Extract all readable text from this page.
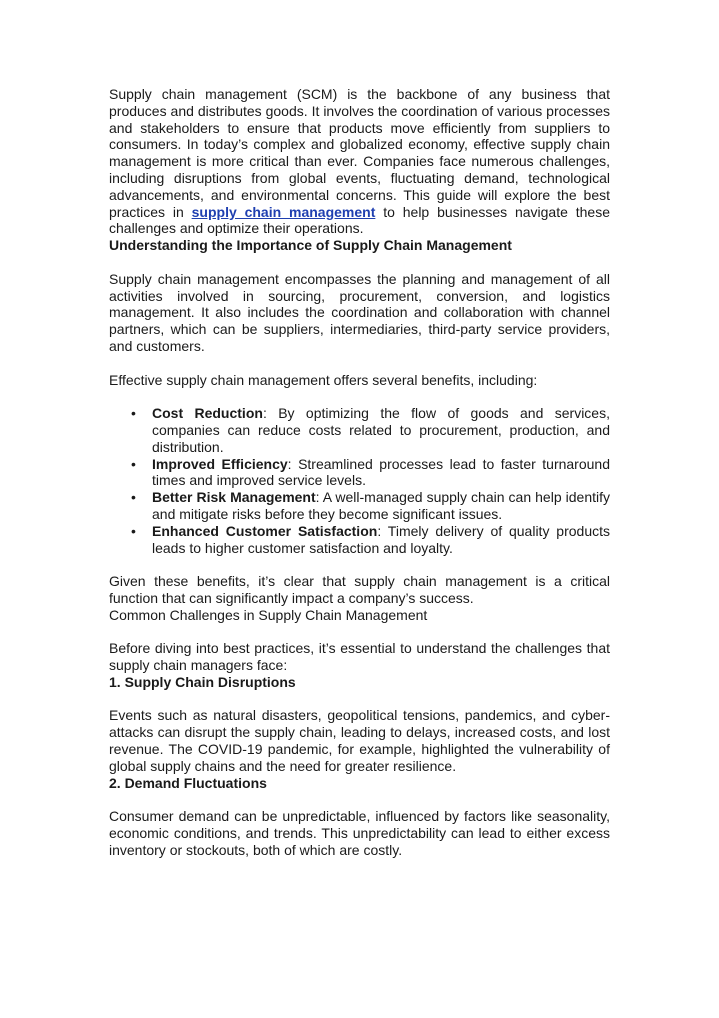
Supply chain management (SCM) is the backbone of any business that produces and distributes goods. It involves the coordination of various processes and stakeholders to ensure that products move efficiently from suppliers to consumers. In today’s complex and globalized economy, effective supply chain management is more critical than ever. Companies face numerous challenges, including disruptions from global events, fluctuating demand, technological advancements, and environmental concerns. This guide will explore the best practices in supply chain management to help businesses navigate these challenges and optimize their operations.

Understanding the Importance of Supply Chain Management

Supply chain management encompasses the planning and management of all activities involved in sourcing, procurement, conversion, and logistics management. It also includes the coordination and collaboration with channel partners, which can be suppliers, intermediaries, third-party service providers, and customers.

Effective supply chain management offers several benefits, including:

• Cost Reduction: By optimizing the flow of goods and services, companies can reduce costs related to procurement, production, and distribution.
• Improved Efficiency: Streamlined processes lead to faster turnaround times and improved service levels.
• Better Risk Management: A well-managed supply chain can help identify and mitigate risks before they become significant issues.
• Enhanced Customer Satisfaction: Timely delivery of quality products leads to higher customer satisfaction and loyalty.

Given these benefits, it’s clear that supply chain management is a critical function that can significantly impact a company’s success.

Common Challenges in Supply Chain Management

Before diving into best practices, it’s essential to understand the challenges that supply chain managers face:

1. Supply Chain Disruptions

Events such as natural disasters, geopolitical tensions, pandemics, and cyber-attacks can disrupt the supply chain, leading to delays, increased costs, and lost revenue. The COVID-19 pandemic, for example, highlighted the vulnerability of global supply chains and the need for greater resilience.

2. Demand Fluctuations

Consumer demand can be unpredictable, influenced by factors like seasonality, economic conditions, and trends. This unpredictability can lead to either excess inventory or stockouts, both of which are costly.
